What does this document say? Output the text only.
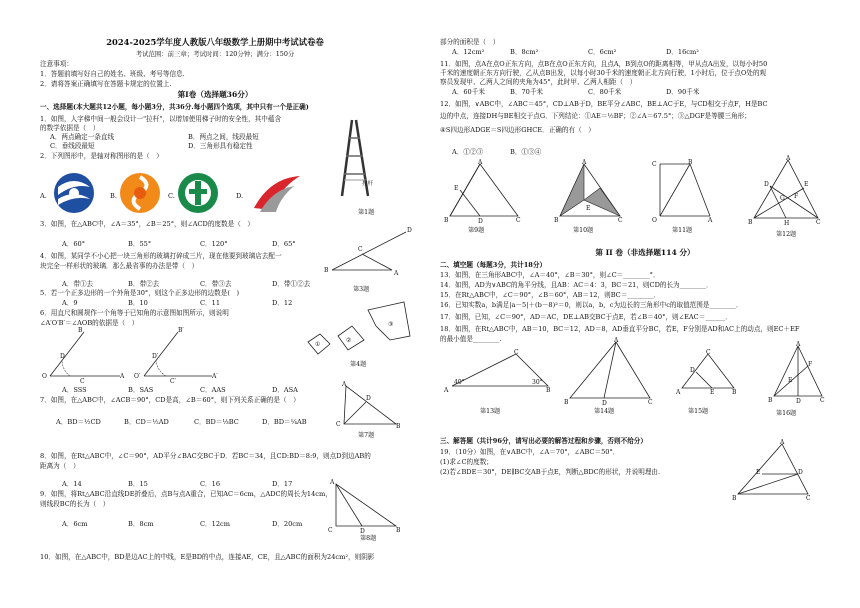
2024-2025学年度人教版八年级数学上册期中考试试卷卷
考试范围：前三章；考试时间：120分钟；满分：150分
注意事项：
1．答题前填写好自己的姓名、班级、考号等信息.
2．请将答案正确填写在答题卡规定的位置上.
第Ⅰ卷（选择题36分）
一、选择题(本大题共12小题，每小题3分，共36分.每小题四个选项，其中只有一个是正确)
1．如图，人字梯中间一般会设计一"拉杆"，以增加使用梯子时的安全性，其中蕴含
的数学依据是（　）
A．两点确定一条直线	B．两点之间，线段最短
C．垂线段最短	D．三角形具有稳定性
拉杆
第1题
2．下列图形中，是轴对称图形的是（　）
A.	B.	C.	D.
3．如图，在△ABC中，∠A＝35°，∠B＝25°，则∠ACD的度数是（　）
A．60°	B．55°	C．120°	D．65°
B
C
A
D
第3题
4．如图，某同学不小心把一块三角形的玻璃打碎成三片，现在他要到玻璃店去配一
块完全一样形状的玻璃．那么最省事的办法是带（　）
A．带①去	B．带②去	C．带③去	D．带①②去
5．若一个正多边形的一个外角是30°，则这个正多边形的边数是(　)
A．9	B．10	C．11	D．12
①
②
③
第4题
6．用直尺和圆规作一个角等于已知角的示意图如图所示，则说明
∠A′O′B′＝∠AOB的依据是（　）
O	A
B
C
D
O′	A′
B′
C′
D′
A．SSS	B．SAS	C．AAS	D．ASA
7．如图，在△ABC中，∠ACB＝90°，CD是高，∠B＝60°，则下列关系正确的是（　）
A．BD＝½CD	B．CD＝½AD	C．BD＝⅓BC	D．BD＝¼AB	C	B
A
D
第7题
8．如图，在Rt△ABC中，∠C＝90°，AD平分∠BAC交BC于D．若BC＝34，且CD:BD＝8:9，则点D到边AB的
距离为（　）
A．14	B．15	C．16	D．17
9．如图，将Rt△ABC沿直线DE折叠后，点B与点A重合，已知AC＝6cm，△ADC的周长为14cm，
则线段BC的长为（　）
A．6cm	B．8cm	C．12cm	D．20cm
A
C	D	B
第8题
10．如图，在△ABC中，BD是边AC上的中线，E是BD的中点，连接AE，CE，且△ABC的面积为24cm²，则阴影
部分的面积是（　）
A．12cm²	B．8cm²	C．6cm²	D．16cm²
11．如图，点A在点O正东方向，点B在点O正东方向，且点A，B到点O的距离相等，甲从点A出发，以每小时50
千米的速度朝正东方向行驶，乙从点B出发，以每小时30千米的速度朝正北方向行驶，1小时后，位于点O处的观
察员发现甲、乙两人之间的夹角为45°，此时甲、乙两人相距（　）
A．60千米	B．70千米	C．80千米	D．90千米
12．如图，∨ABC中，∠ABC＝45°，CD⊥AB于D，BE平分∠ABC，BE⊥AC于E，与CD相交于点F，H是BC
边的中点，连接DH与BE相交于点G．下列结论：①AE＝½BF；②∠A＝67.5°；③△DGF是等腰三角形；
④S四边形ADGE＝S四边形GHCE．正确的有（　）
A．①②③	B．①③④
B	D	C
E
A
第9题
B	C
A
E
第10题
O	A
B
C
第11题
B	H	C
A
D	E
G F
第12题
第 II 卷（非选择题114 分）
二、填空题（每题3分，共计18分）
13．如图，在三角形ABC中，∠A＝40°，∠B＝30°，则∠C＝________°．
14．如图，AD为∨ABC的角平分线，且AB：AC＝4：3，BC＝21，则CD的长为________．
15．在Rt△ABC中，∠C＝90°，∠B＝60°，AB＝12，则BC＝________．
16．已知实数a，b满足|a－5|＋(b－8)²＝0，则以a，b，c为边长的三角形中c的取值范围是________．
17．如图，已知，∠C＝90°，AD＝AC，DE⊥AB交BC于点E，若∠B＝40°，则∠EAC＝______．
18．如图，在Rt△ABC中，AB＝10，BC＝12，AD＝8，AD垂直平分BC，若E，F分别是AD和AC上的动点，则EC＋EF
的最小值是________.
40°	30°
A	B
C
第13题
B	D	C
A
第14题
A	B
C
D
E
第15题
B	D	C
A
E
F
第16题
三、解答题（共计96分，请写出必要的解答过程和步骤，否则不给分）
19．（10分）如图，在∨ABC中，∠A＝70°，∠ABC＝50°．
(1)求∠C的度数；
(2)若∠BDE＝30°，DE∥BC交AB于点E，判断△BDC的形状，并说明理由.
B	C
A
E	D
